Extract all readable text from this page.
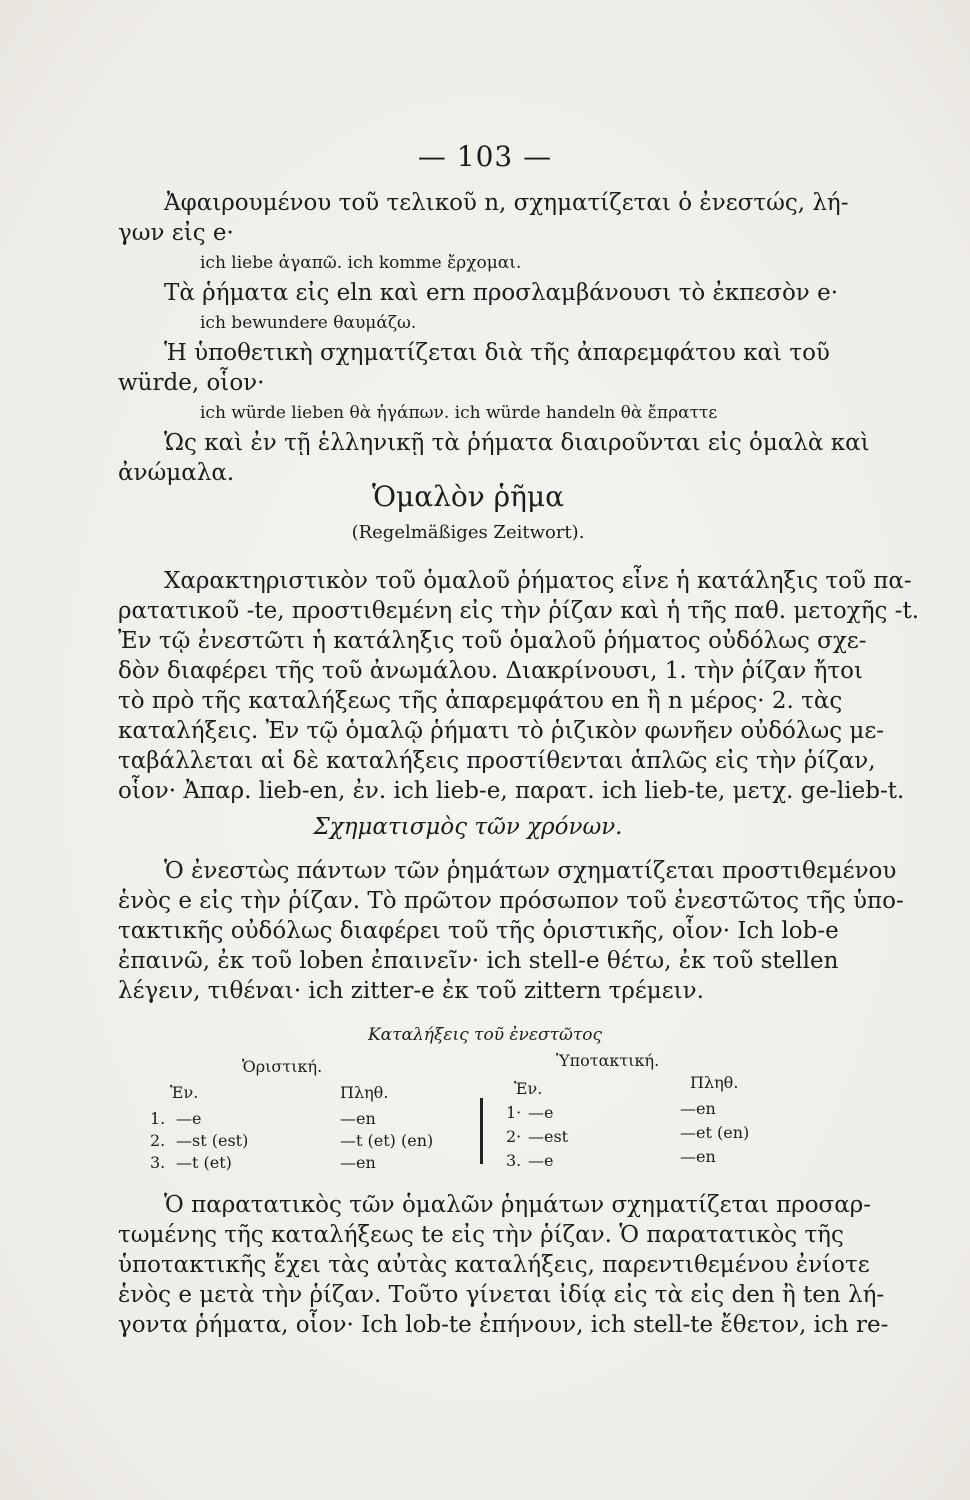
— 103 —
Ἀφαιρουμένου τοῦ τελικοῦ n, σχηματίζεται ὁ ἐνεστώς, λή-
γων εἰς e·
ich liebe ἀγαπῶ. ich komme ἔρχομαι.
Τὰ ῥήματα εἰς eln καὶ ern προσλαμβάνουσι τὸ ἐκπεσὸν e·
ich bewundere θαυμάζω.
Ἡ ὑποθετικὴ σχηματίζεται διὰ τῆς ἀπαρεμφάτου καὶ τοῦ
würde, οἷον·
ich würde lieben θὰ ἠγάπων. ich würde handeln θὰ ἔπραττε
Ὡς καὶ ἐν τῇ ἑλληνικῇ τὰ ῥήματα διαιροῦνται εἰς ὁμαλὰ καὶ
ἀνώμαλα.
Ὁμαλὸν ῥῆμα
(Regelmäßiges Zeitwort).
Χαρακτηριστικὸν τοῦ ὁμαλοῦ ῥήματος εἶνε ἡ κατάληξις τοῦ πα-
ρατατικοῦ -te, προστιθεμένη εἰς τὴν ῥίζαν καὶ ἡ τῆς παθ. μετοχῆς -t.
Ἐν τῷ ἐνεστῶτι ἡ κατάληξις τοῦ ὁμαλοῦ ῥήματος οὐδόλως σχε-
δὸν διαφέρει τῆς τοῦ ἀνωμάλου. Διακρίνουσι, 1. τὴν ῥίζαν ἤτοι
τὸ πρὸ τῆς καταλήξεως τῆς ἀπαρεμφάτου en ἢ n μέρος· 2. τὰς
καταλήξεις. Ἐν τῷ ὁμαλῷ ῥήματι τὸ ῥιζικὸν φωνῆεν οὐδόλως με-
ταβάλλεται αἱ δὲ καταλήξεις προστίθενται ἁπλῶς εἰς τὴν ῥίζαν,
οἷον· Ἀπαρ. lieb-en, ἐν. ich lieb-e, παρατ. ich lieb-te, μετχ. ge-lieb-t.
Σχηματισμὸς τῶν χρόνων.
Ὁ ἐνεστὼς πάντων τῶν ῥημάτων σχηματίζεται προστιθεμένου
ἑνὸς e εἰς τὴν ῥίζαν. Τὸ πρῶτον πρόσωπον τοῦ ἐνεστῶτος τῆς ὑπο-
τακτικῆς οὐδόλως διαφέρει τοῦ τῆς ὁριστικῆς, οἷον· Ich lob-e
ἐπαινῶ, ἐκ τοῦ loben ἐπαινεῖν· ich stell-e θέτω, ἐκ τοῦ stellen
λέγειν, τιθέναι· ich zitter-e ἐκ τοῦ zittern τρέμειν.
Καταλήξεις τοῦ ἐνεστῶτος
Ὁριστική.
Ἑν.	Πληθ.
1. —e	—en
2. —st (est)	—t (et) (en)
3. —t (et)	—en
Ὑποτακτική.
Ἑν.	Πληθ.
1· —e	—en
2· —est	—et (en)
3. —e	—en
Ὁ παρατατικὸς τῶν ὁμαλῶν ῥημάτων σχηματίζεται προσαρ-
τωμένης τῆς καταλήξεως te εἰς τὴν ῥίζαν. Ὁ παρατατικὸς τῆς
ὑποτακτικῆς ἔχει τὰς αὐτὰς καταλήξεις, παρεντιθεμένου ἐνίοτε
ἑνὸς e μετὰ τὴν ῥίζαν. Τοῦτο γίνεται ἰδίᾳ εἰς τὰ εἰς den ἢ ten λή-
γοντα ῥήματα, οἷον· Ich lob-te ἐπήνουν, ich stell-te ἔθετον, ich re-
